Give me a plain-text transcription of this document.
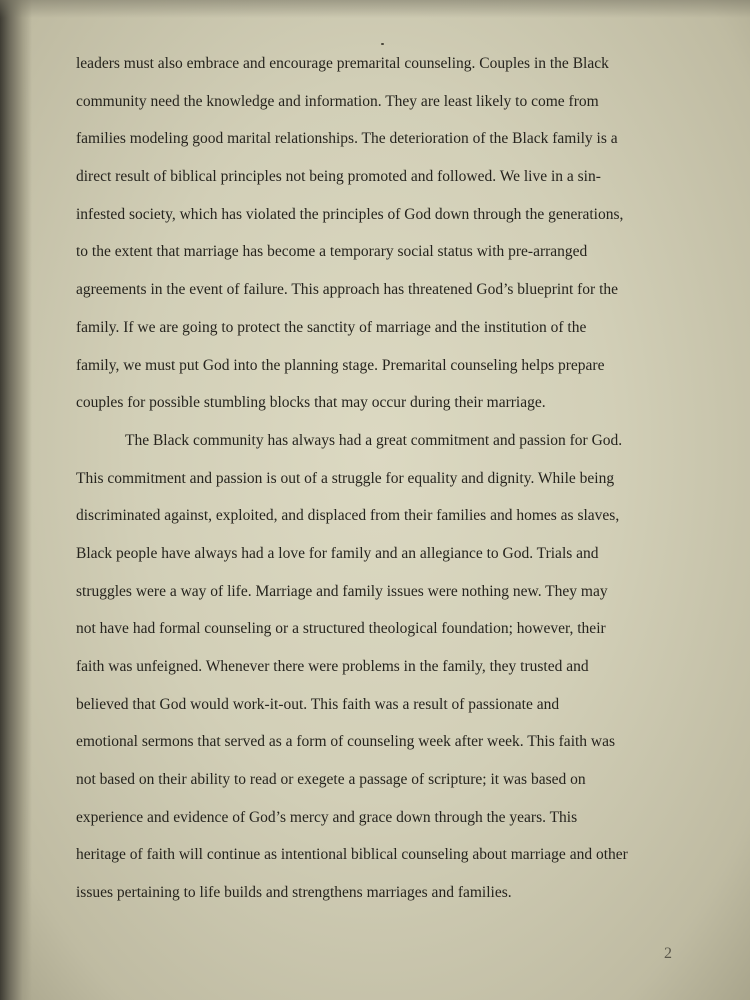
leaders must also embrace and encourage premarital counseling. Couples in the Black
community need the knowledge and information. They are least likely to come from
families modeling good marital relationships. The deterioration of the Black family is a
direct result of biblical principles not being promoted and followed. We live in a sin-
infested society, which has violated the principles of God down through the generations,
to the extent that marriage has become a temporary social status with pre-arranged
agreements in the event of failure. This approach has threatened God’s blueprint for the
family. If we are going to protect the sanctity of marriage and the institution of the
family, we must put God into the planning stage. Premarital counseling helps prepare
couples for possible stumbling blocks that may occur during their marriage.
The Black community has always had a great commitment and passion for God.
This commitment and passion is out of a struggle for equality and dignity. While being
discriminated against, exploited, and displaced from their families and homes as slaves,
Black people have always had a love for family and an allegiance to God. Trials and
struggles were a way of life. Marriage and family issues were nothing new. They may
not have had formal counseling or a structured theological foundation; however, their
faith was unfeigned. Whenever there were problems in the family, they trusted and
believed that God would work-it-out. This faith was a result of passionate and
emotional sermons that served as a form of counseling week after week. This faith was
not based on their ability to read or exegete a passage of scripture; it was based on
experience and evidence of God’s mercy and grace down through the years. This
heritage of faith will continue as intentional biblical counseling about marriage and other
issues pertaining to life builds and strengthens marriages and families.
2
